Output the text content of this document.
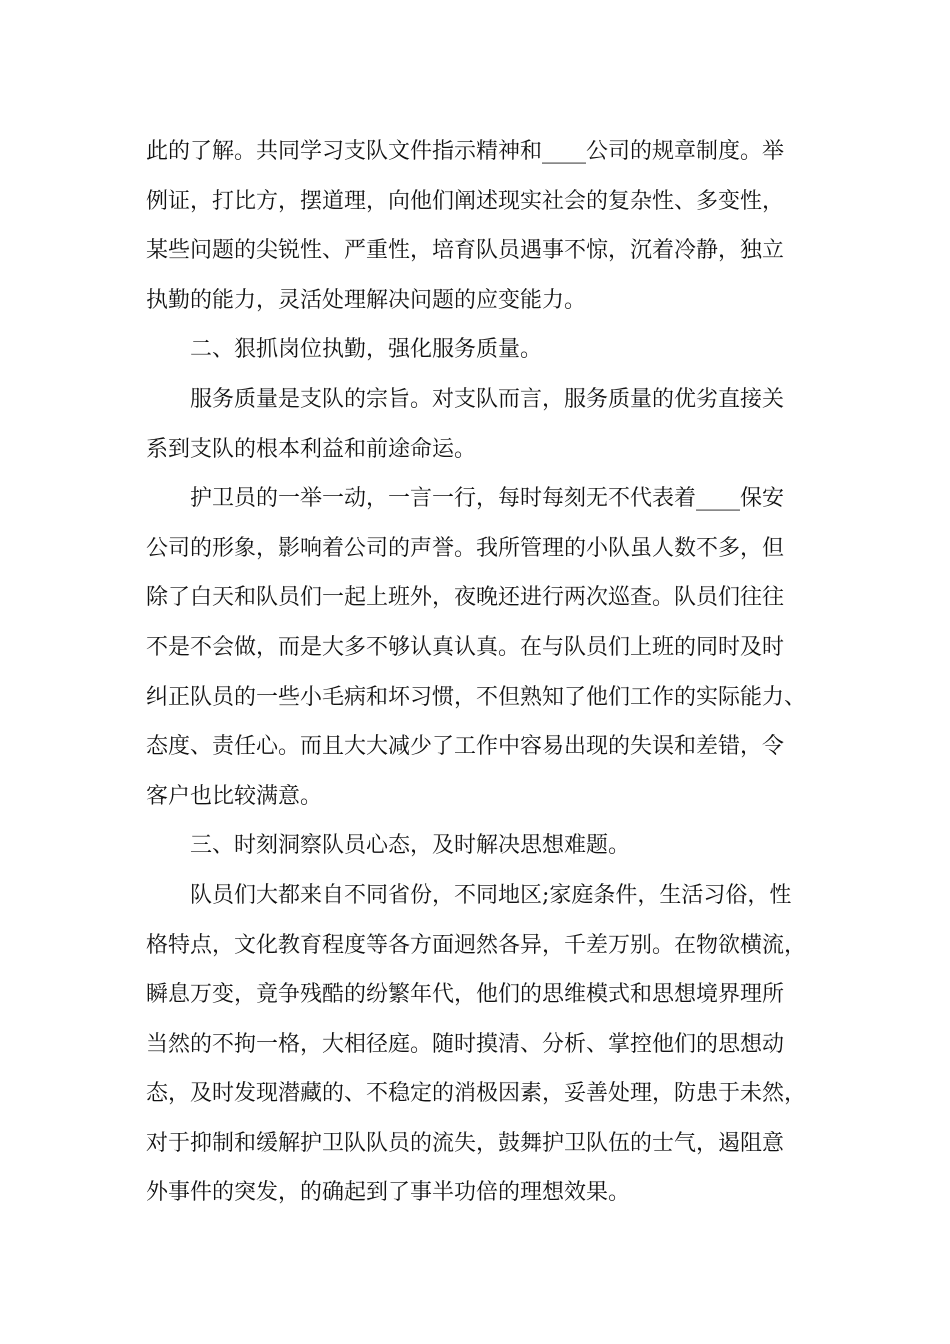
此的了解。共同学习支队文件指示精神和____公司的规章制度。举
例证，打比方，摆道理，向他们阐述现实社会的复杂性、多变性，
某些问题的尖锐性、严重性，培育队员遇事不惊，沉着冷静，独立
执勤的能力，灵活处理解决问题的应变能力。
二、狠抓岗位执勤，强化服务质量。
服务质量是支队的宗旨。对支队而言，服务质量的优劣直接关
系到支队的根本利益和前途命运。
护卫员的一举一动，一言一行，每时每刻无不代表着____保安
公司的形象，影响着公司的声誉。我所管理的小队虽人数不多，但
除了白天和队员们一起上班外，夜晚还进行两次巡查。队员们往往
不是不会做，而是大多不够认真认真。在与队员们上班的同时及时
纠正队员的一些小毛病和坏习惯，不但熟知了他们工作的实际能力、
态度、责任心。而且大大减少了工作中容易出现的失误和差错，令
客户也比较满意。
三、时刻洞察队员心态，及时解决思想难题。
队员们大都来自不同省份，不同地区;家庭条件，生活习俗，性
格特点，文化教育程度等各方面迥然各异，千差万别。在物欲横流，
瞬息万变，竟争残酷的纷繁年代，他们的思维模式和思想境界理所
当然的不拘一格，大相径庭。随时摸清、分析、掌控他们的思想动
态，及时发现潜藏的、不稳定的消极因素，妥善处理，防患于未然，
对于抑制和缓解护卫队队员的流失，鼓舞护卫队伍的士气，遏阻意
外事件的突发，的确起到了事半功倍的理想效果。
